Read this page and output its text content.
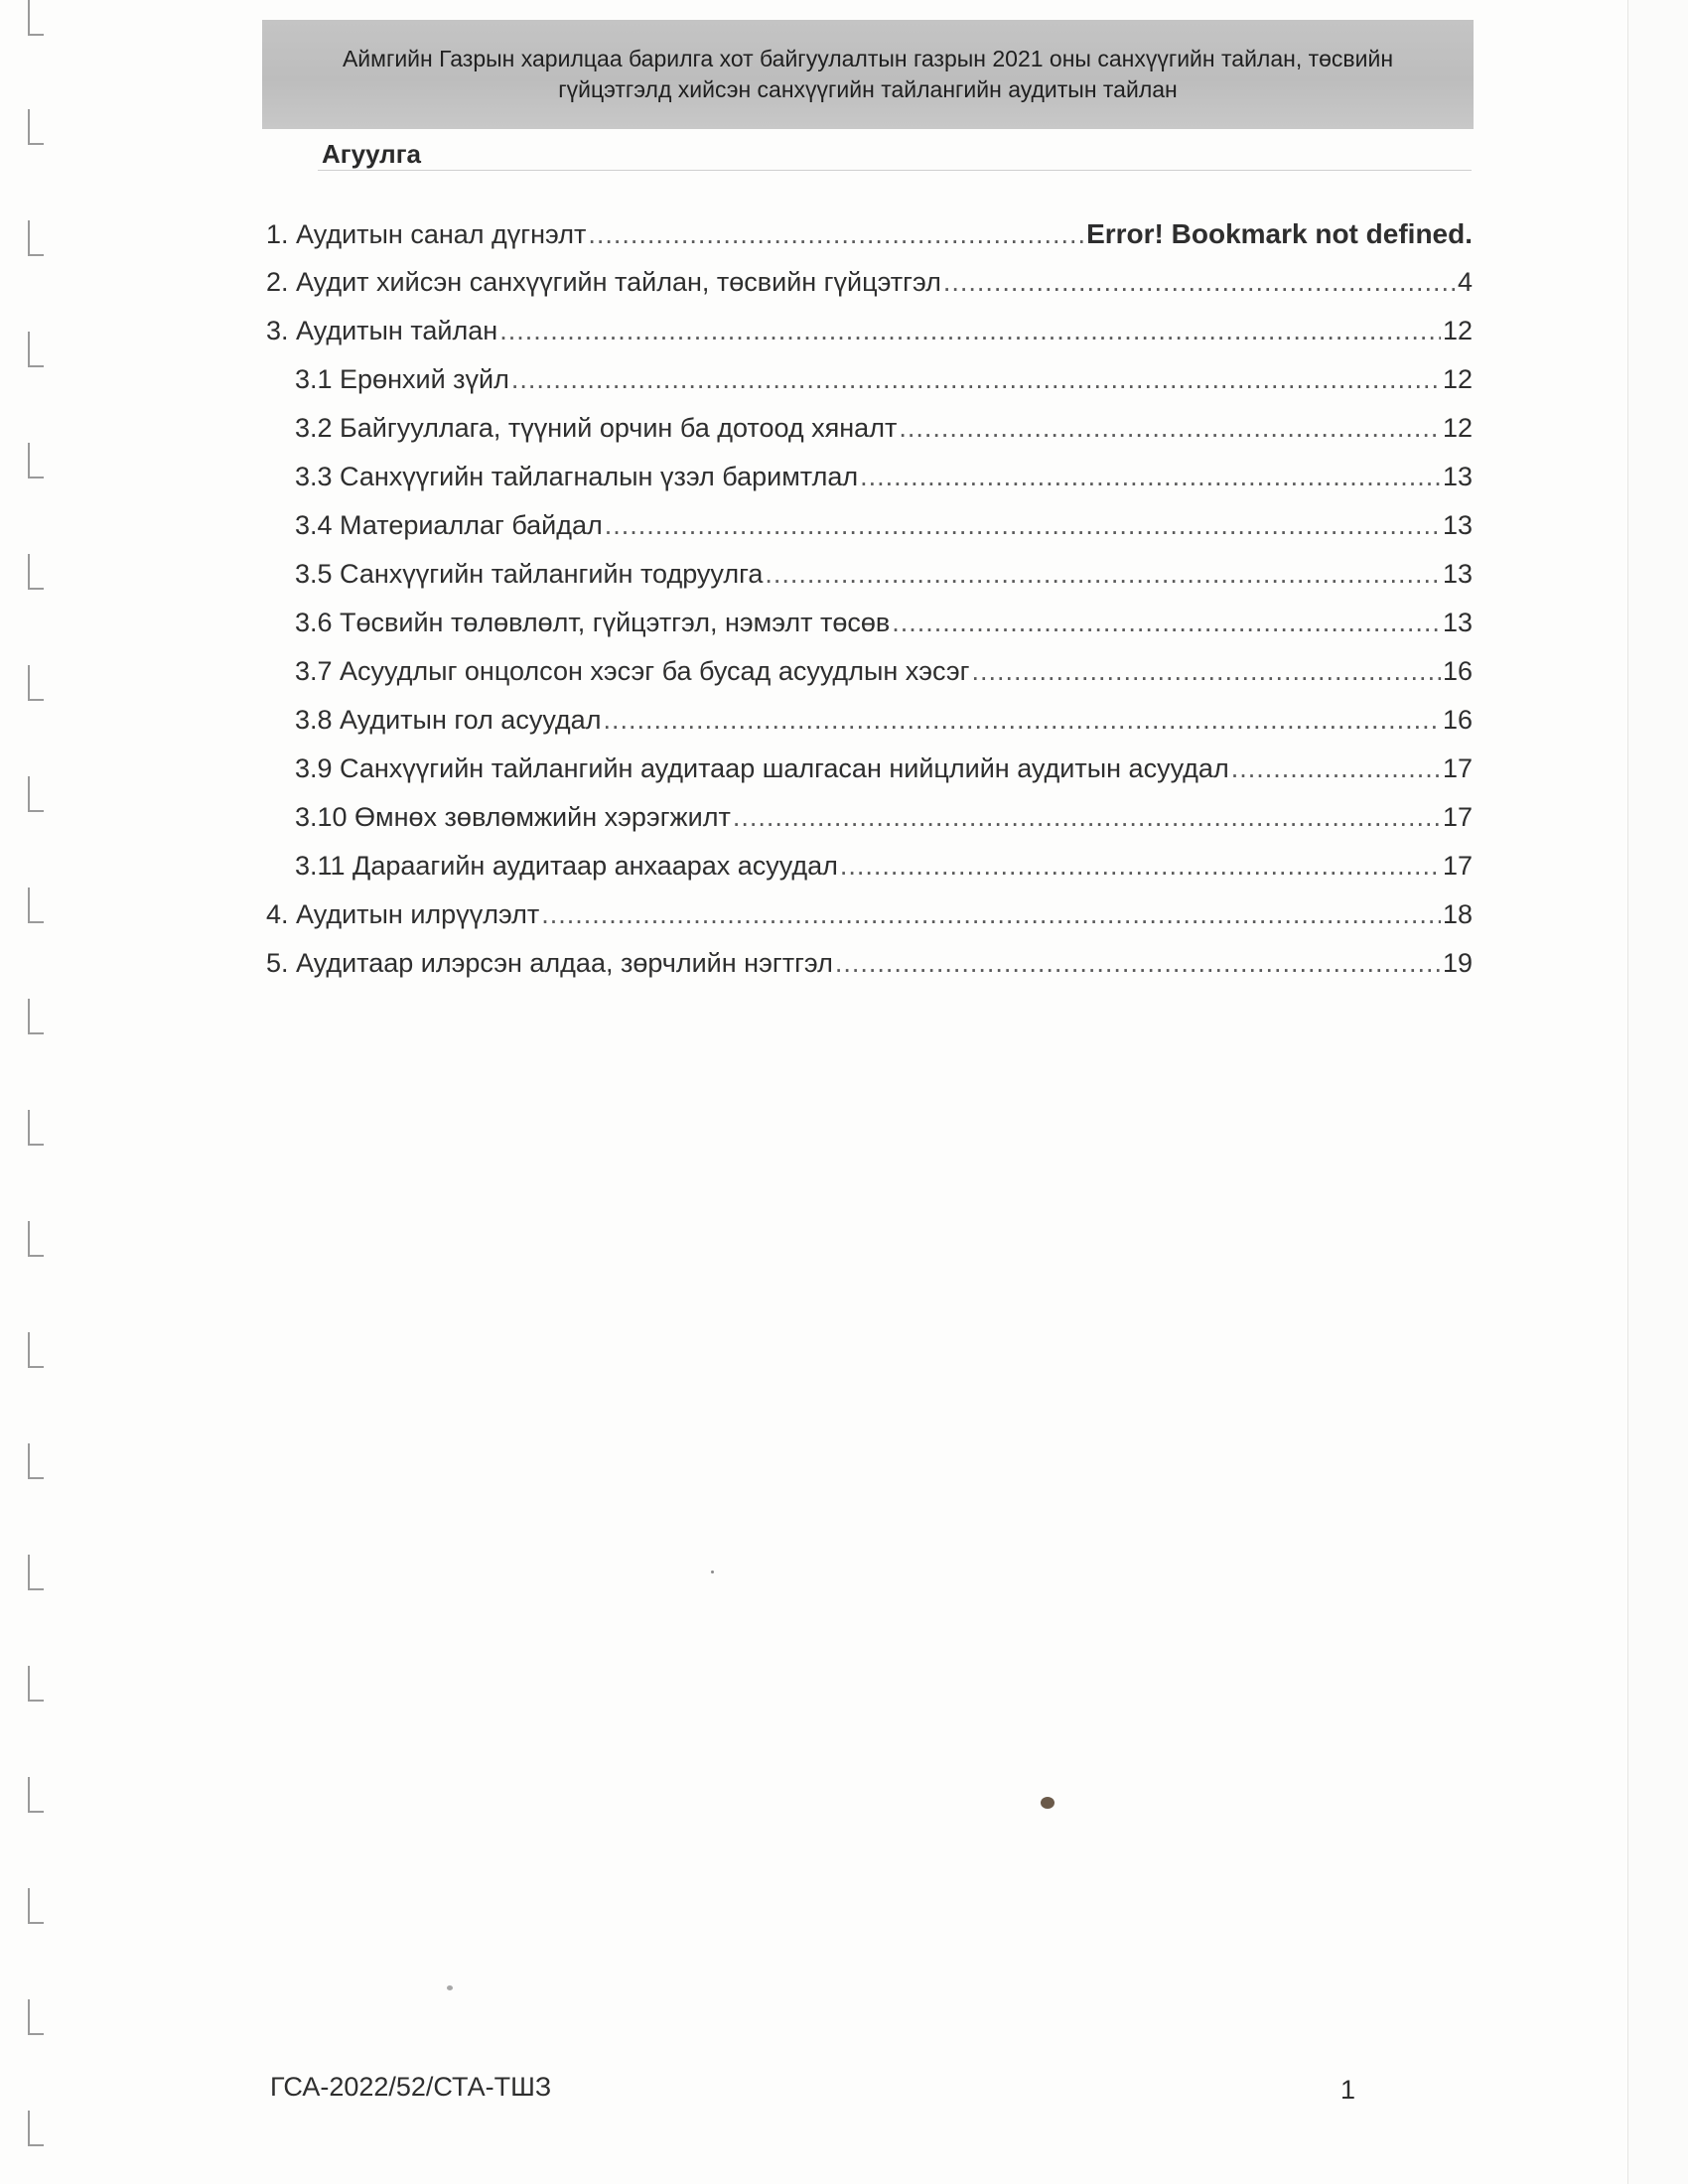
Аймгийн Газрын харилцаа барилга хот байгуулалтын газрын 2021 оны санхүүгийн тайлан, төсвийн
гүйцэтгэлд хийсэн санхүүгийн тайлангийн аудитын тайлан
Агуулга
1. Аудитын санал дүгнэлт .....	Error! Bookmark not defined.
2. Аудит хийсэн санхүүгийн тайлан, төсвийн гүйцэтгэл .....	4
3. Аудитын тайлан .....	12
3.1 Ерөнхий зүйл .....	12
3.2 Байгууллага, түүний орчин ба дотоод хяналт .....	12
3.3 Санхүүгийн тайлагналын үзэл баримтлал .....	13
3.4 Материаллаг байдал .....	13
3.5 Санхүүгийн тайлангийн тодруулга .....	13
3.6 Төсвийн төлөвлөлт, гүйцэтгэл, нэмэлт төсөв .....	13
3.7 Асуудлыг онцолсон хэсэг ба бусад асуудлын хэсэг .....	16
3.8 Аудитын гол асуудал .....	16
3.9 Санхүүгийн тайлангийн аудитаар шалгасан нийцлийн аудитын асуудал .....	17
3.10 Өмнөх зөвлөмжийн хэрэгжилт .....	17
3.11 Дараагийн аудитаар анхаарах асуудал .....	17
4. Аудитын илрүүлэлт .....	18
5. Аудитаар илэрсэн алдаа, зөрчлийн нэгтгэл .....	19
ГСА-2022/52/СТА-ТШЗ	1
